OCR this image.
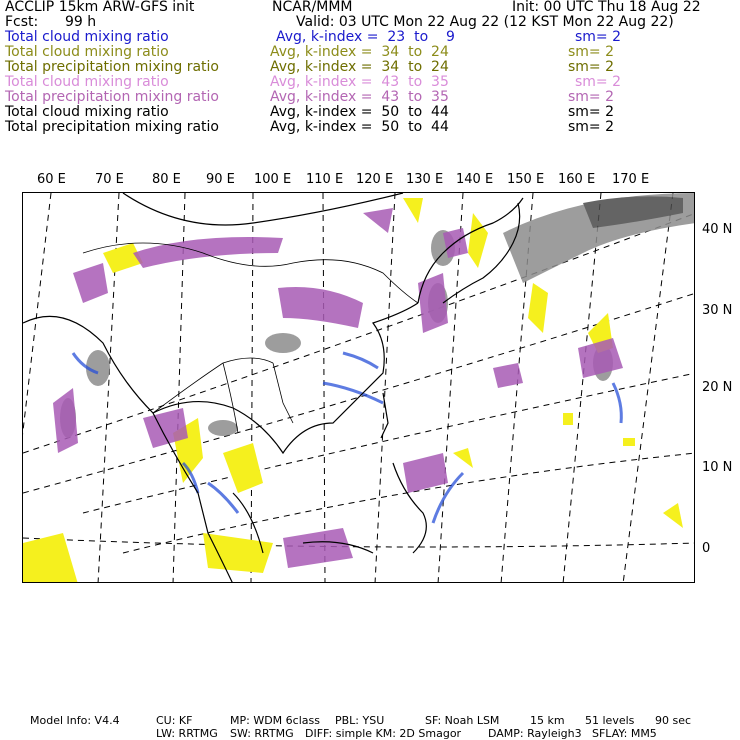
ACCLIP 15km ARW-GFS init	NCAR/MMM	Init: 00 UTC Thu 18 Aug 22
Fcst: 99 h	Valid: 03 UTC Mon 22 Aug 22 (12 KST Mon 22 Aug 22)
Total cloud mixing ratio	Avg, k-index =  23  to    9	sm= 2
Total cloud mixing ratio	Avg, k-index =  34  to  24	sm= 2
Total precipitation mixing ratio	Avg, k-index =  34  to  24	sm= 2
Total cloud mixing ratio	Avg, k-index =  43  to  35	sm= 2
Total precipitation mixing ratio	Avg, k-index =  43  to  35	sm= 2
Total cloud mixing ratio	Avg, k-index =  50  to  44	sm= 2
Total precipitation mixing ratio	Avg, k-index =  50  to  44	sm= 2
60 E 70 E 80 E 90 E 100 E 110 E 120 E 130 E 140 E 150 E 160 E 170 E
40 N
30 N
20 N
10 N
0
Model Info: V4.4	CU: KF	MP: WDM 6class PBL: YSU	SF: Noah LSM	15 km 51 levels 90 sec
LW: RRTMG SW: RRTMG DIFF: simple KM: 2D Smagor DAMP: Rayleigh3 SFLAY: MM5
